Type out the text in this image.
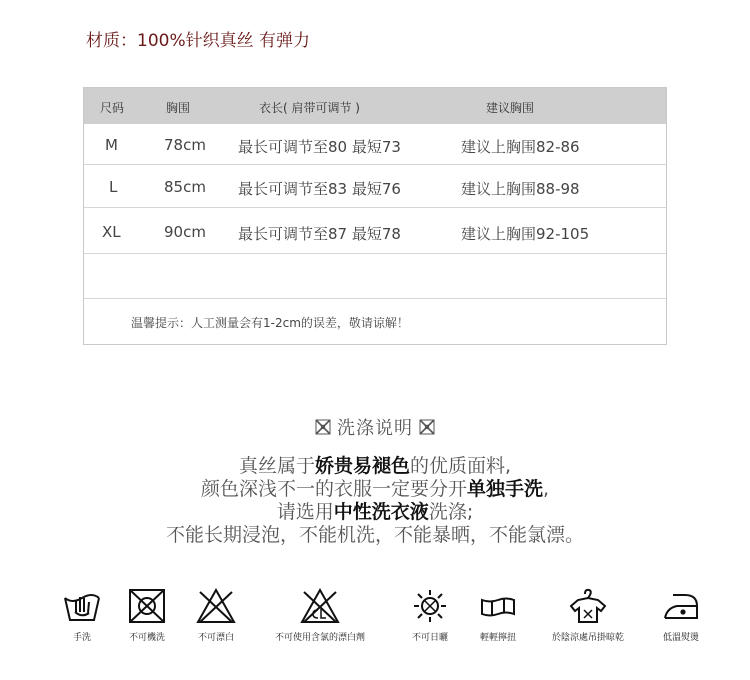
材质：100%针织真丝 有弹力
尺码	胸围	衣长( 肩带可调节 )	建议胸围
M	78cm 最长可调节至80 最短73	建议上胸围82-86
L	85cm 最长可调节至83 最短76	建议上胸围88-98
XL	90cm 最长可调节至87 最短78	建议上胸围92-105
温馨提示：人工测量会有1-2cm的误差，敬请谅解！
洗涤说明
真丝属于娇贵易褪色的优质面料,
颜色深浅不一的衣服一定要分开单独手洗,
请选用中性洗衣液洗涤;
不能长期浸泡，不能机洗，不能暴晒，不能氯漂。
手洗	不可機洗	不可漂白	不可使用含氯的漂白劑	不可日曬	輕輕擰扭	於陰涼處吊掛晾乾	低溫熨燙
